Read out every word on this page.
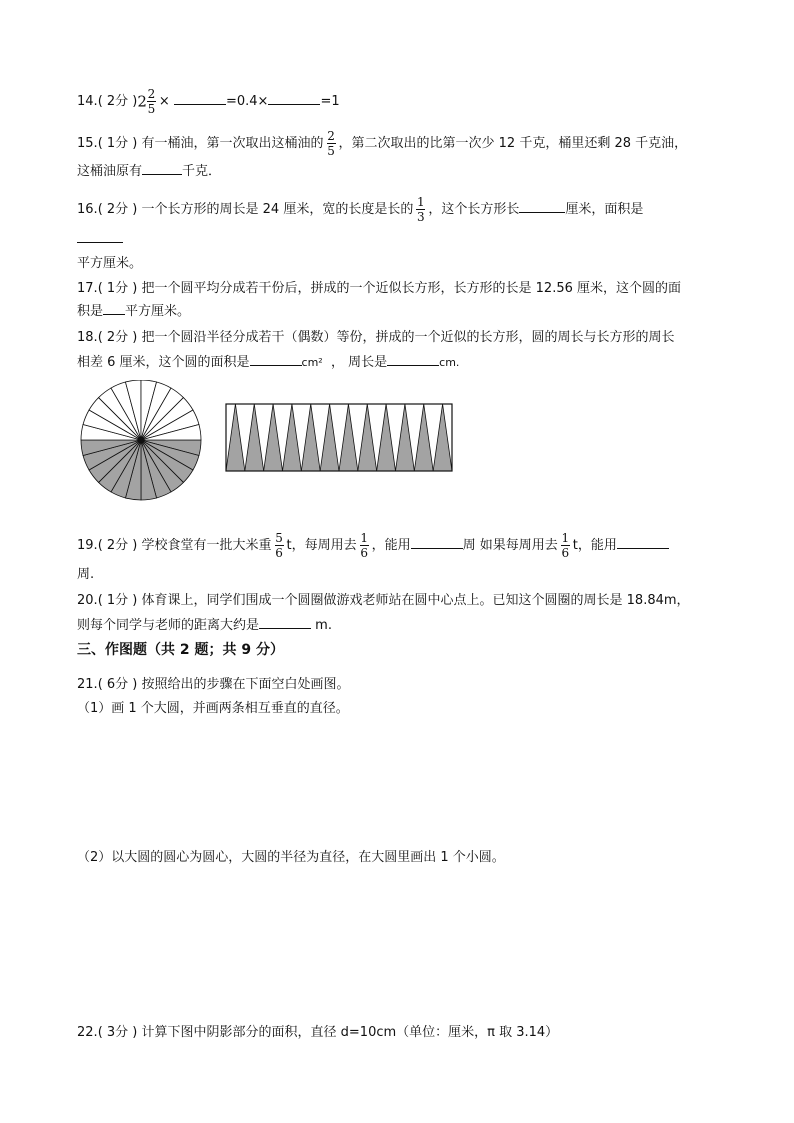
14.( 2分 )$2 \frac{2}{5}$ ×	=0.4×	=1
15.( 1分 ) 有一桶油，第一次取出这桶油的 $\frac{2}{5}$ ，第二次取出的比第一次少 12 千克，桶里还剩 28 千克油，
这桶油原有	千克．
16.( 2分 ) 一个长方形的周长是 24 厘米，宽的长度是长的 $\frac{1}{3}$ ，这个长方形长	厘米，面积是
平方厘米。
17.( 1分 ) 把一个圆平均分成若干份后，拼成的一个近似长方形，长方形的长是 12.56 厘米，这个圆的面
积是 平方厘米。
18.( 2分 ) 把一个圆沿半径分成若干（偶数）等份，拼成的一个近似的长方形，圆的周长与长方形的周长
相差 6 厘米，这个圆的面积是	cm² ， 周长是	cm.
19.( 2分 ) 学校食堂有一批大米重 $\frac{5}{6}$ t，每周用去 $\frac{1}{6}$ ，能用	周 如果每周用去 $\frac{1}{6}$ t，能用
周.
20.( 1分 ) 体育课上，同学们围成一个圆圈做游戏老师站在圆中心点上。已知这个圆圈的周长是 18.84m，
则每个同学与老师的距离大约是	m.
三、作图题（共 2 题；共 9 分）
21.( 6分 ) 按照给出的步骤在下面空白处画图。
（1）画 1 个大圆，并画两条相互垂直的直径。
（2）以大圆的圆心为圆心，大圆的半径为直径，在大圆里画出 1 个小圆。
22.( 3分 ) 计算下图中阴影部分的面积，直径 d=10cm（单位：厘米，π 取 3.14）
